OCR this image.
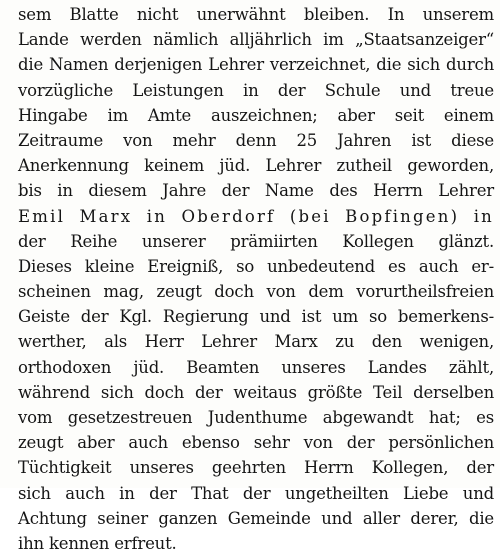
sem Blatte nicht unerwähnt bleiben. In unserem
Lande werden nämlich alljährlich im „Staatsanzeiger“
die Namen derjenigen Lehrer verzeichnet, die sich durch
vorzügliche Leistungen in der Schule und treue
Hingabe im Amte auszeichnen; aber seit einem
Zeitraume von mehr denn 25 Jahren ist diese
Anerkennung keinem jüd. Lehrer zutheil geworden,
bis in diesem Jahre der Name des Herrn Lehrer
Emil Marx in Oberdorf (bei Bopfingen) in
der Reihe unserer prämiirten Kollegen glänzt.
Dieses kleine Ereigniß, so unbedeutend es auch er-
scheinen mag, zeugt doch von dem vorurtheilsfreien
Geiste der Kgl. Regierung und ist um so bemerkens-
werther, als Herr Lehrer Marx zu den wenigen,
orthodoxen jüd. Beamten unseres Landes zählt,
während sich doch der weitaus größte Teil derselben
vom gesetzestreuen Judenthume abgewandt hat; es
zeugt aber auch ebenso sehr von der persönlichen
Tüchtigkeit unseres geehrten Herrn Kollegen, der
sich auch in der That der ungetheilten Liebe und
Achtung seiner ganzen Gemeinde und aller derer, die
ihn kennen erfreut.
